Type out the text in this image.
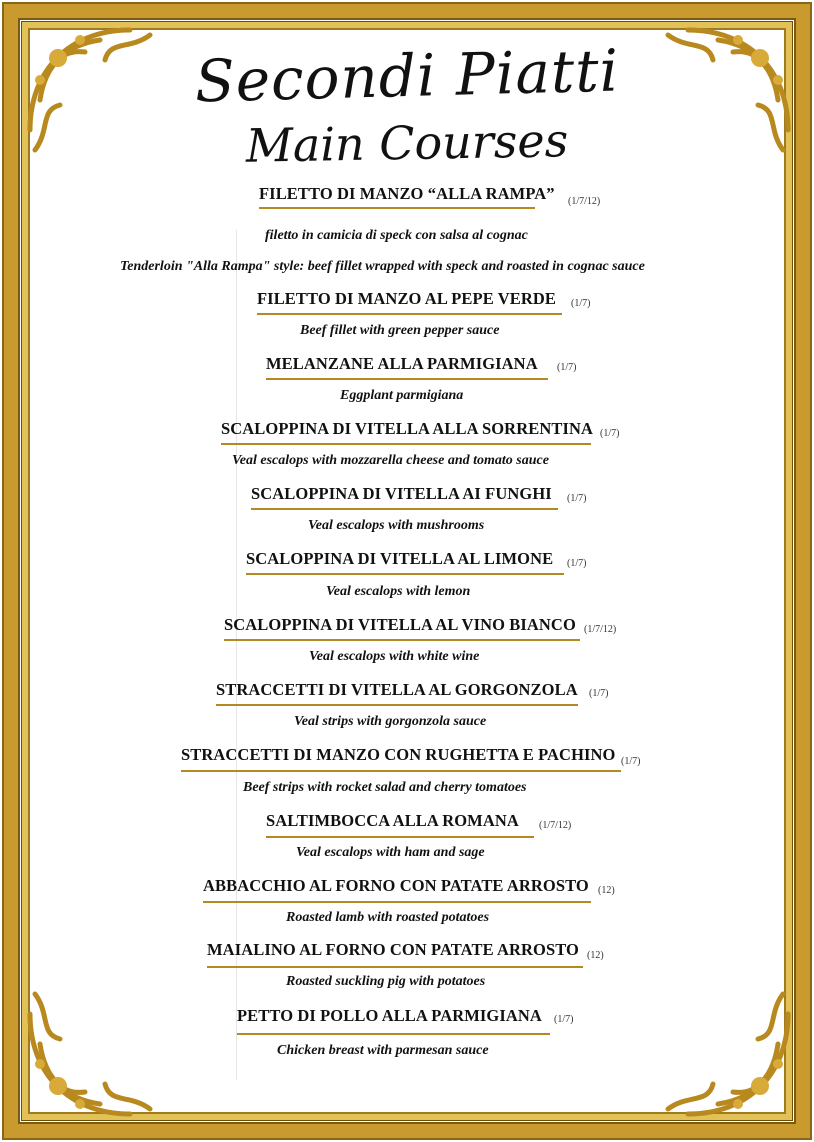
Secondi Piatti
Main Courses
FILETTO DI MANZO “ALLA RAMPA” (1/7/12)
filetto in camicia di speck con salsa al cognac
Tenderloin "Alla Rampa" style: beef fillet wrapped with speck and roasted in cognac sauce
FILETTO DI MANZO AL PEPE VERDE (1/7)
Beef fillet with green pepper sauce
MELANZANE ALLA PARMIGIANA (1/7)
Eggplant parmigiana
SCALOPPINA DI VITELLA ALLA SORRENTINA (1/7)
Veal escalops with mozzarella cheese and tomato sauce
SCALOPPINA DI VITELLA AI FUNGHI (1/7)
Veal escalops with mushrooms
SCALOPPINA DI VITELLA AL LIMONE (1/7)
Veal escalops with lemon
SCALOPPINA DI VITELLA AL VINO BIANCO (1/7/12)
Veal escalops with white wine
STRACCETTI DI VITELLA AL GORGONZOLA (1/7)
Veal strips with gorgonzola sauce
STRACCETTI DI MANZO CON RUGHETTA E PACHINO (1/7)
Beef strips with rocket salad and cherry tomatoes
SALTIMBOCCA ALLA ROMANA (1/7/12)
Veal escalops with ham and sage
ABBACCHIO AL FORNO CON PATATE ARROSTO (12)
Roasted lamb with roasted potatoes
MAIALINO AL FORNO CON PATATE ARROSTO (12)
Roasted suckling pig with potatoes
PETTO DI POLLO ALLA PARMIGIANA (1/7)
Chicken breast with parmesan sauce
